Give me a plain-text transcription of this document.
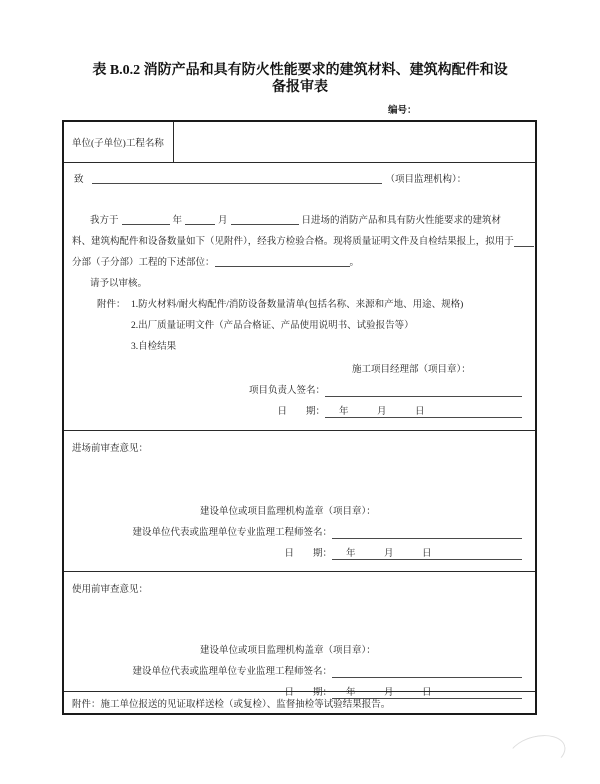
表 B.0.2 消防产品和具有防火性能要求的建筑材料、建筑构配件和设
备报审表
编号：
单位(子单位)工程名称
致	（项目监理机构）：
我方于	年	月	日进场的消防产品和具有防火性能要求的建筑材
料、建筑构配件和设备数量如下（见附件），经我方检验合格。现将质量证明文件及自检结果报上，拟用于
分部（子分部）工程的下述部位：	。
请予以审核。
附件： 1.防火材料/耐火构配件/消防设备数量清单(包括名称、来源和产地、用途、规格)
2.出厂质量证明文件（产品合格证、产品使用说明书、试验报告等）
3.自检结果
施工项目经理部（项目章）：
项目负责人签名：
日　　期：	年　　　月　　　日
进场前审查意见：
建设单位或项目监理机构盖章（项目章）：
建设单位代表或监理单位专业监理工程师签名：
日　　期：	年　　　月　　　日
使用前审查意见：
建设单位或项目监理机构盖章（项目章）：
建设单位代表或监理单位专业监理工程师签名：
日　　期：	年　　　月　　　日
附件：施工单位报送的见证取样送检（或复检）、监督抽检等试验结果报告。
